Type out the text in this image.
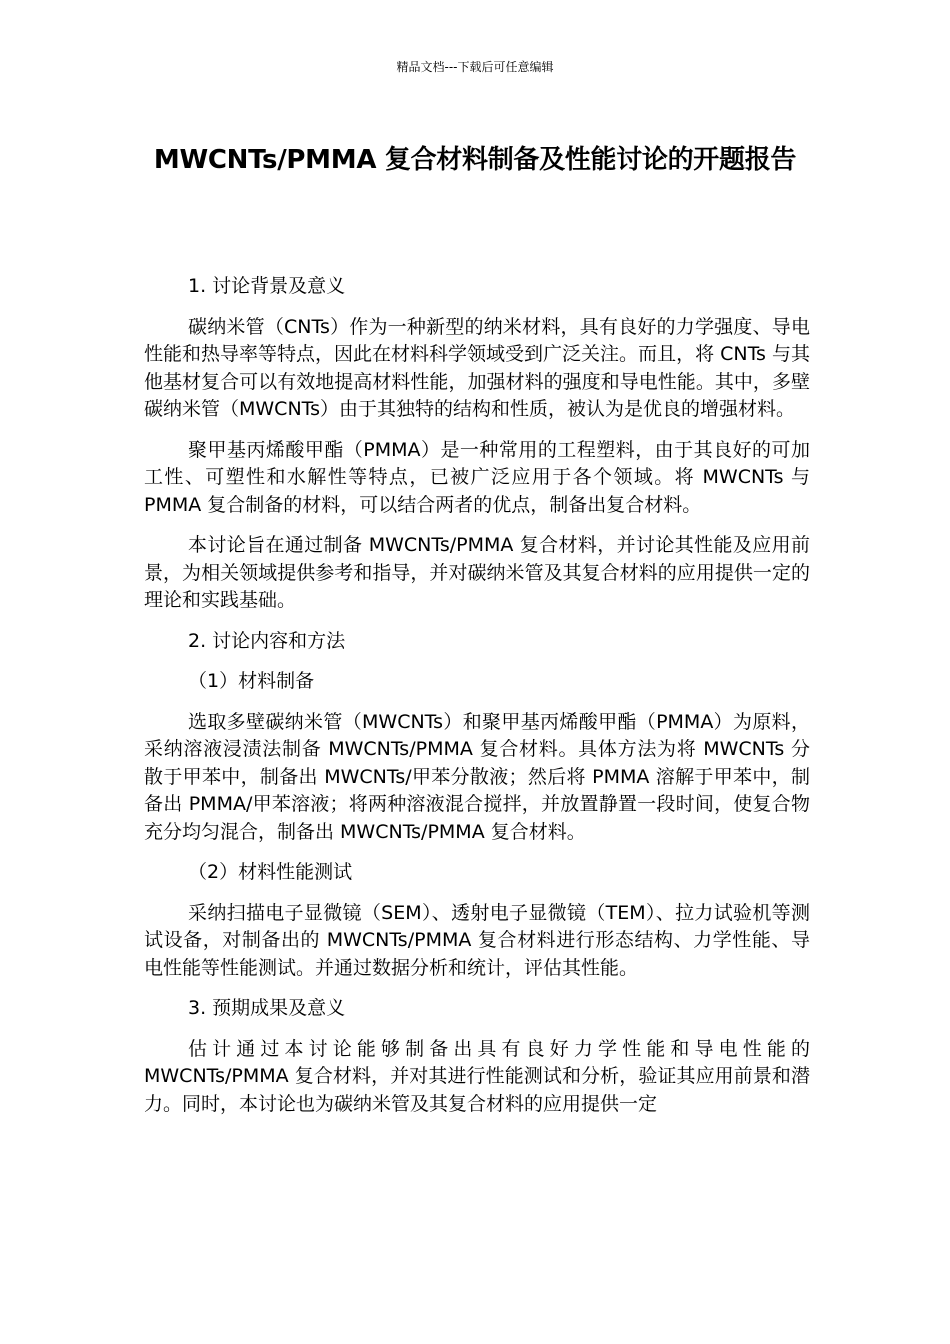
精品文档---下载后可任意编辑
MWCNTs/PMMA 复合材料制备及性能讨论的开题报告
1. 讨论背景及意义
碳纳米管（CNTs）作为一种新型的纳米材料，具有良好的力学强度、导电性能和热导率等特点，因此在材料科学领域受到广泛关注。而且，将 CNTs 与其他基材复合可以有效地提高材料性能，加强材料的强度和导电性能。其中，多壁碳纳米管（MWCNTs）由于其独特的结构和性质，被认为是优良的增强材料。
聚甲基丙烯酸甲酯（PMMA）是一种常用的工程塑料，由于其良好的可加工性、可塑性和水解性等特点，已被广泛应用于各个领域。将 MWCNTs 与 PMMA 复合制备的材料，可以结合两者的优点，制备出复合材料。
本讨论旨在通过制备 MWCNTs/PMMA 复合材料，并讨论其性能及应用前景，为相关领域提供参考和指导，并对碳纳米管及其复合材料的应用提供一定的理论和实践基础。
2. 讨论内容和方法
（1）材料制备
选取多壁碳纳米管（MWCNTs）和聚甲基丙烯酸甲酯（PMMA）为原料，采纳溶液浸渍法制备 MWCNTs/PMMA 复合材料。具体方法为将 MWCNTs 分散于甲苯中，制备出 MWCNTs/甲苯分散液；然后将 PMMA 溶解于甲苯中，制备出 PMMA/甲苯溶液；将两种溶液混合搅拌，并放置静置一段时间，使复合物充分均匀混合，制备出 MWCNTs/PMMA 复合材料。
（2）材料性能测试
采纳扫描电子显微镜（SEM）、透射电子显微镜（TEM）、拉力试验机等测试设备，对制备出的 MWCNTs/PMMA 复合材料进行形态结构、力学性能、导电性能等性能测试。并通过数据分析和统计，评估其性能。
3. 预期成果及意义
估计通过本讨论能够制备出具有良好力学性能和导电性能的 MWCNTs/PMMA 复合材料，并对其进行性能测试和分析，验证其应用前景和潜力。同时，本讨论也为碳纳米管及其复合材料的应用提供一定
